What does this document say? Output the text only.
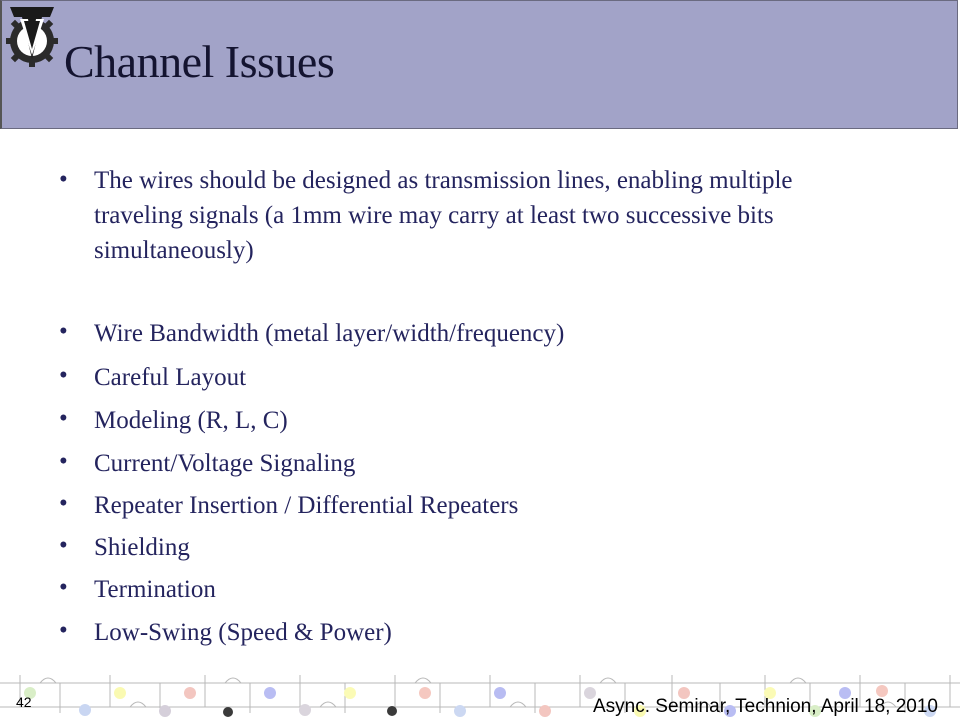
Channel Issues
• The wires should be designed as transmission lines, enabling multiple traveling signals (a 1mm wire may carry at least two successive bits simultaneously)
• Wire Bandwidth (metal layer/width/frequency)
• Careful Layout
• Modeling (R, L, C)
• Current/Voltage Signaling
• Repeater Insertion / Differential Repeaters
• Shielding
• Termination
• Low-Swing (Speed & Power)
42	Async. Seminar, Technion, April 18, 2010
